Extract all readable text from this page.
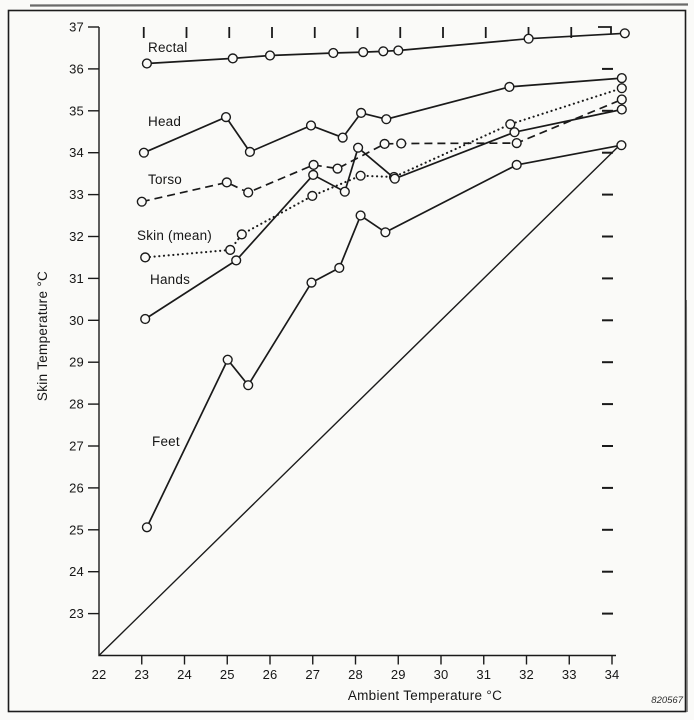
23
24
25
26
27
28
29
30
31
32
33
34
35
36
37
22 23 24 25 26 27 28 29 30 31 32 33 34
Rectal
Head
Torso
Skin (mean)
Hands
Feet
Ambient Temperature °C
Skin Temperature °C
820567
